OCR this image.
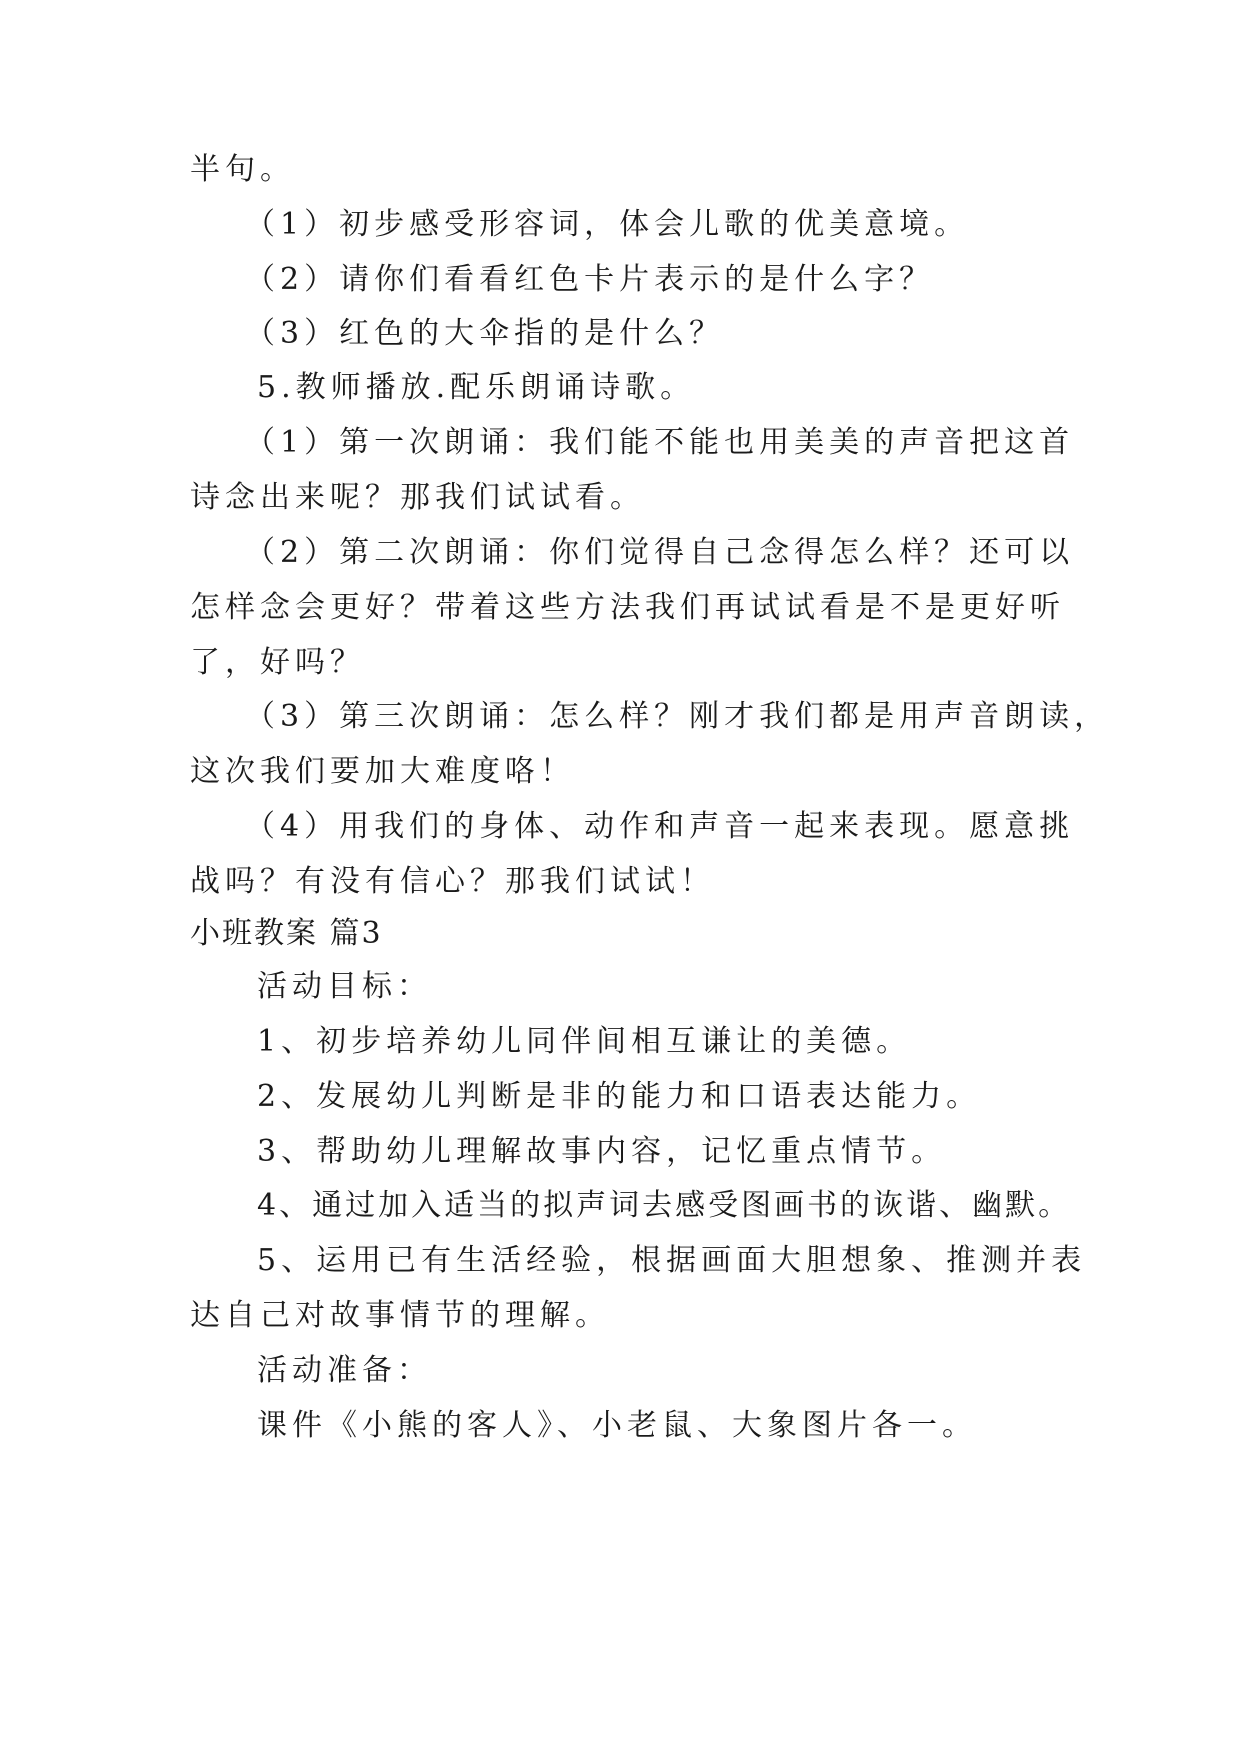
半句。

（1）初步感受形容词，体会儿歌的优美意境。

（2）请你们看看红色卡片表示的是什么字？

（3）红色的大伞指的是什么？

5.教师播放.配乐朗诵诗歌。

（1）第一次朗诵：我们能不能也用美美的声音把这首

诗念出来呢？那我们试试看。

（2）第二次朗诵：你们觉得自己念得怎么样？还可以

怎样念会更好？带着这些方法我们再试试看是不是更好听

了，好吗？

（3）第三次朗诵：怎么样？刚才我们都是用声音朗读，

这次我们要加大难度咯！

（4）用我们的身体、动作和声音一起来表现。愿意挑

战吗？有没有信心？那我们试试！

小班教案 篇3

活动目标：

1、初步培养幼儿同伴间相互谦让的美德。

2、发展幼儿判断是非的能力和口语表达能力。

3、帮助幼儿理解故事内容，记忆重点情节。

4、通过加入适当的拟声词去感受图画书的诙谐、幽默。

5、运用已有生活经验，根据画面大胆想象、推测并表

达自己对故事情节的理解。

活动准备：

课件《小熊的客人》、小老鼠、大象图片各一。
